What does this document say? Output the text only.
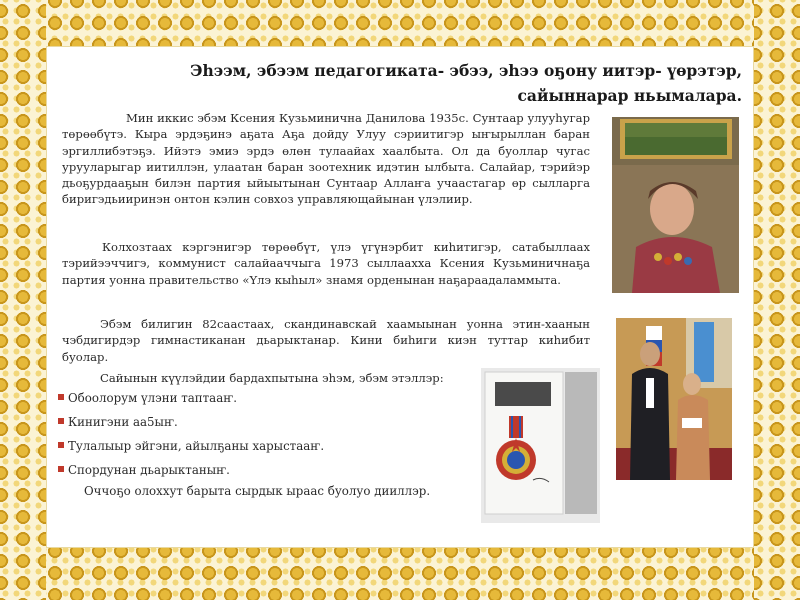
Эһээм, эбээм педагогиката- эбээ, эһээ оҕону иитэр- үөрэтэр, сайыннарар ньымалара.
Мин иккис эбэм Ксения Кузьминична Данилова 1935с. Сунтаар улууһугар төрөөбүтэ. Кыра эрдэҕинэ аҕата Аҕа дойду Улуу сэриитигэр ыҥырыллан баран эргиллибэтэҕэ. Ийэтэ эмиэ эрдэ өлөн тулаайах хаалбыта. Ол да буоллар чугас урууларыгар иитиллэн, улаатан баран зоотехник идэтин ылбыта. Салайар, тэрийэр дьоҕурдааҕын билэн партия ыйыытынан Сунтаар Аллаҥа учаастагар өр сылларга биригэдьииринэн онтон кэлин совхоз управляющайынан үлэлиир.
Колхозтаах кэргэнигэр төрөөбүт, үлэ үгүнэрбит киһитигэр, сатабыллаах тэрийээччигэ, коммунист салайааччыга 1973 сыллааххa Ксения Кузьминичнаҕа партия уонна правительство «Үлэ кыһыл» знамя орденынан наҕараадаламмыта.
Эбэм билигин 82саастаах, скандинавскай хаамыынан уонна этин-хаанын чэбдигирдэр гимнастиканан дьарыктанар. Кини биһиги киэн туттар киһибит буолар.
Сайынын күүлэйдии бардахпытына эһэм, эбэм этэллэр:
Обоoлорум үлэни таптааҥ.
Кинигэни аа5ыҥ.
Тулалыыр эйгэни, айылҕаны харыстааҥ.
Спордунан дьарыктаныҥ.
Оччоҕо олоххут барыта сырдык ыраас буолуо дииллэр.
